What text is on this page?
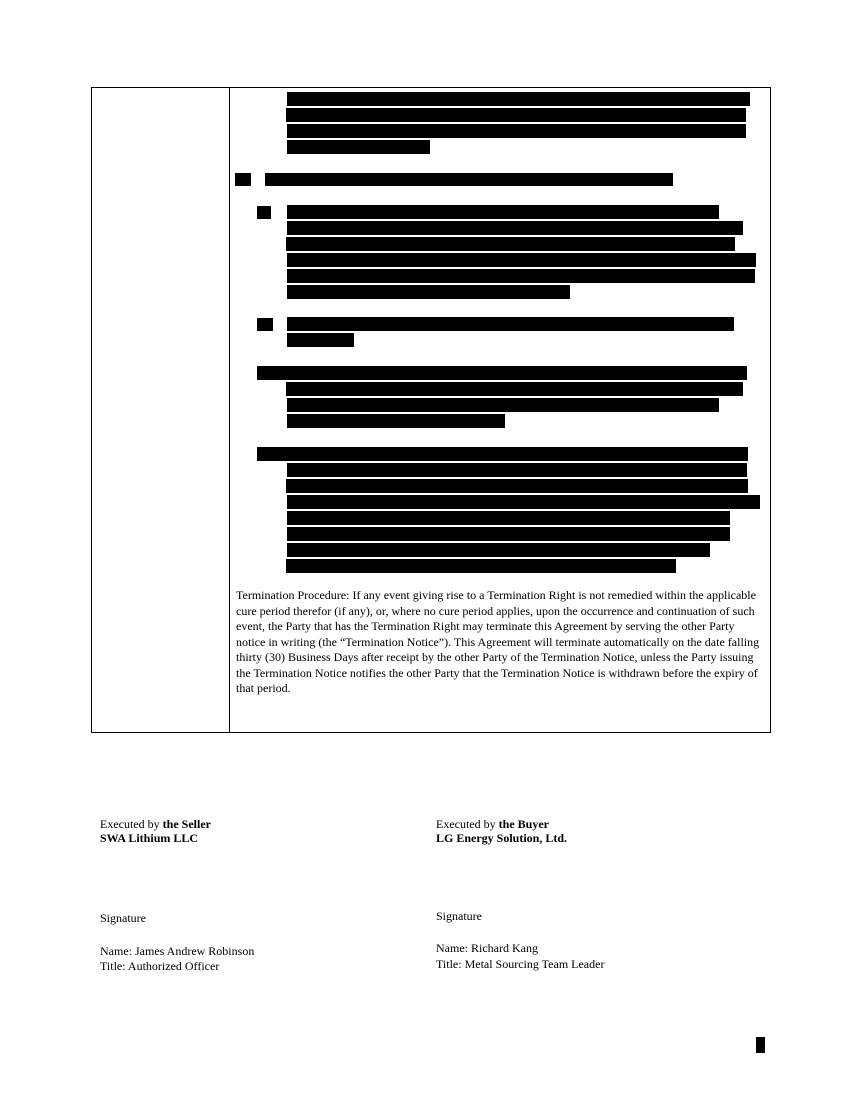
Termination Procedure: If any event giving rise to a Termination Right is not remedied within the applicable cure period therefor (if any), or, where no cure period applies, upon the occurrence and continuation of such event, the Party that has the Termination Right may terminate this Agreement by serving the other Party notice in writing (the “Termination Notice”). This Agreement will terminate automatically on the date falling thirty (30) Business Days after receipt by the other Party of the Termination Notice, unless the Party issuing the Termination Notice notifies the other Party that the Termination Notice is withdrawn before the expiry of that period.

Executed by the Seller
SWA Lithium LLC
Signature
Name: James Andrew Robinson
Title: Authorized Officer
Executed by the Buyer
LG Energy Solution, Ltd.
Signature
Name: Richard Kang
Title: Metal Sourcing Team Leader
